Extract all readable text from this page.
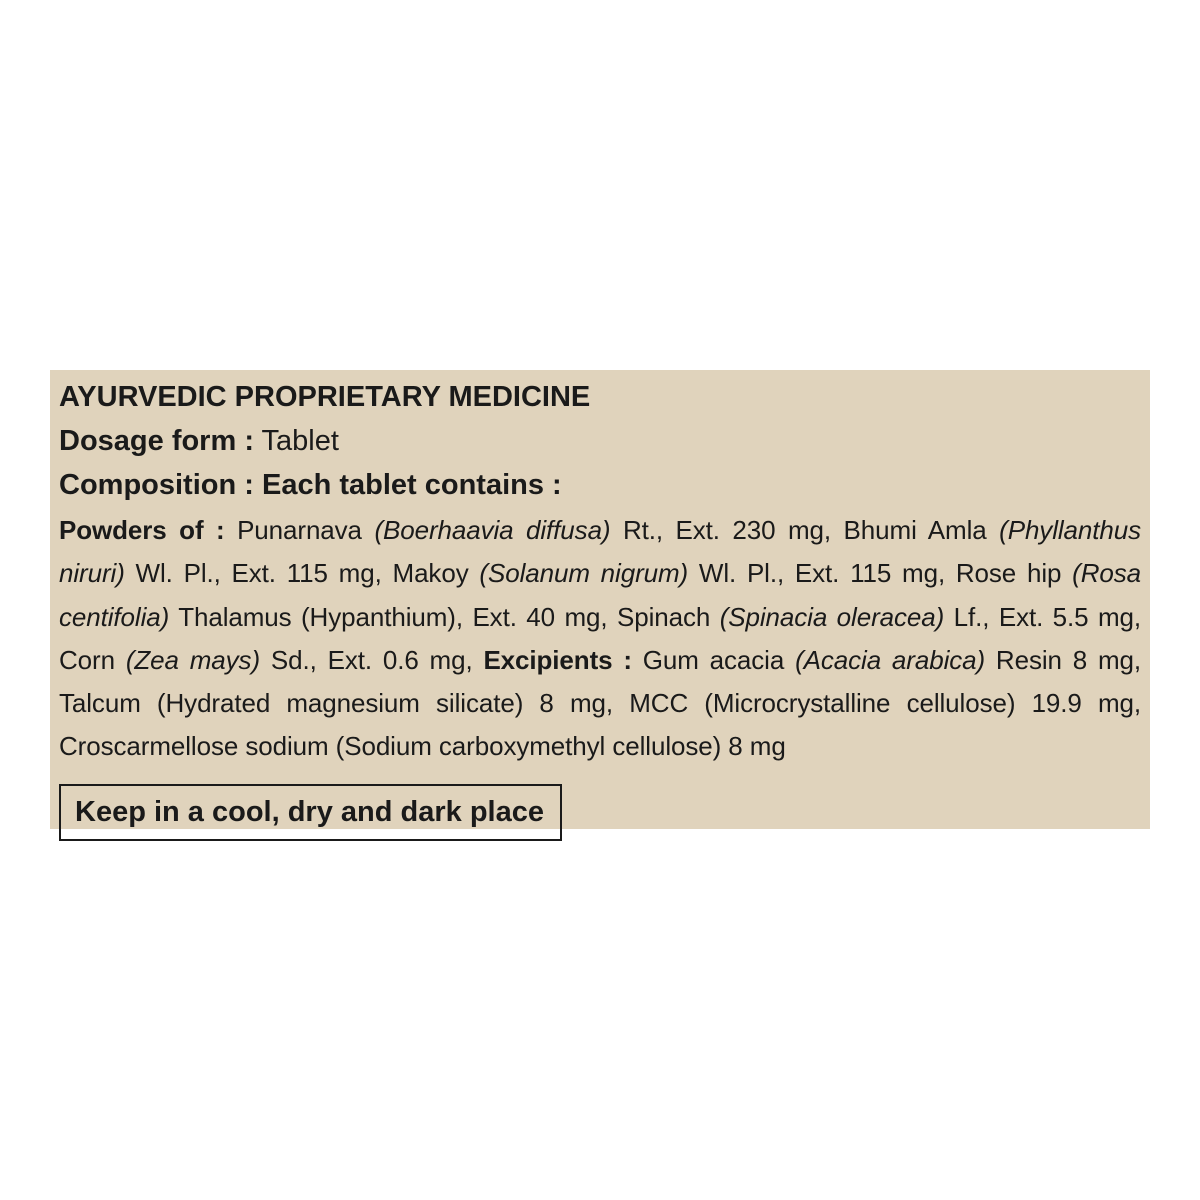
AYURVEDIC PROPRIETARY MEDICINE
Dosage form : Tablet
Composition : Each tablet contains :
Powders of : Punarnava (Boerhaavia diffusa) Rt., Ext. 230 mg, Bhumi Amla (Phyllanthus niruri) Wl. Pl., Ext. 115 mg, Makoy (Solanum nigrum) Wl. Pl., Ext. 115 mg, Rose hip (Rosa centifolia) Thalamus (Hypanthium), Ext. 40 mg, Spinach (Spinacia oleracea) Lf., Ext. 5.5 mg, Corn (Zea mays) Sd., Ext. 0.6 mg, Excipients : Gum acacia (Acacia arabica) Resin 8 mg, Talcum (Hydrated magnesium silicate) 8 mg, MCC (Microcrystalline cellulose) 19.9 mg, Croscarmellose sodium (Sodium carboxymethyl cellulose) 8 mg
Keep in a cool, dry and dark place
